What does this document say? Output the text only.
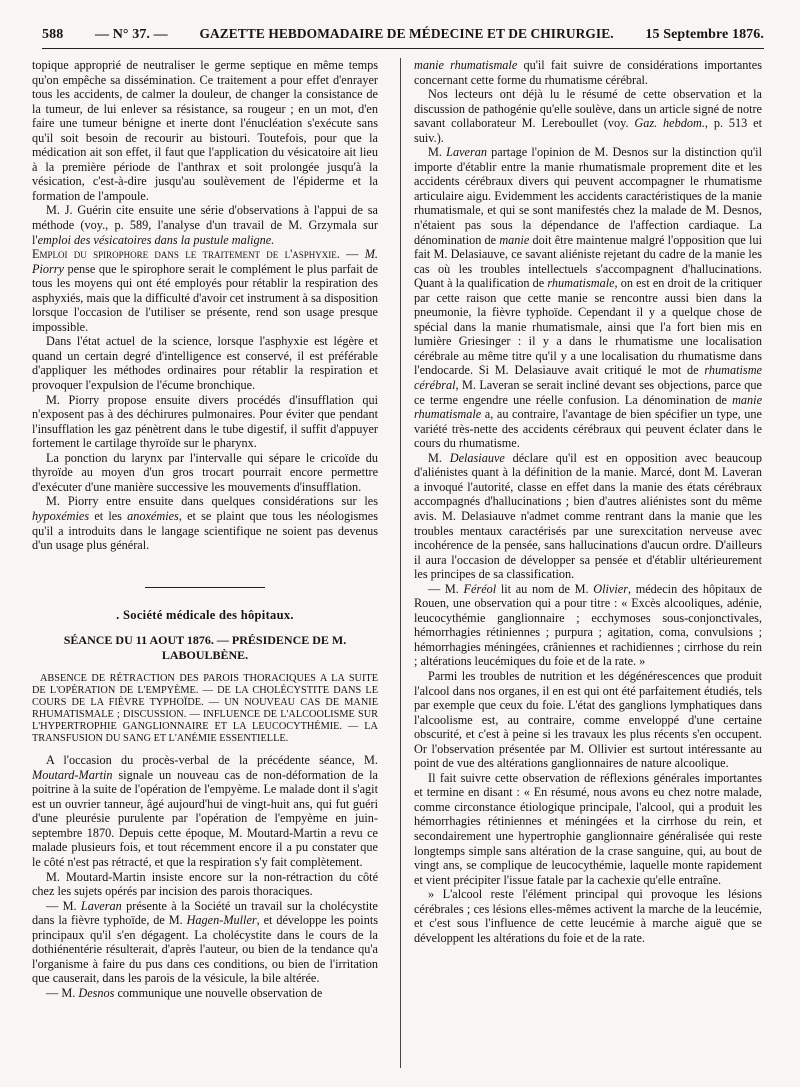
588 — N° 37. — GAZETTE HEBDOMADAIRE DE MÉDECINE ET DE CHIRURGIE. 15 Septembre 1876.

topique approprié de neutraliser le germe septique en même temps qu'on empêche sa dissémination. Ce traitement a pour effet d'enrayer tous les accidents, de calmer la douleur, de changer la consistance de la tumeur, de lui enlever sa résistance, sa rougeur ; en un mot, d'en faire une tumeur bénigne et inerte dont l'énucléation s'exécute sans qu'il soit besoin de recourir au bistouri. Toutefois, pour que la médication ait son effet, il faut que l'application du vésicatoire ait lieu à la première période de l'anthrax et soit prolongée jusqu'à la vésication, c'est-à-dire jusqu'au soulèvement de l'épiderme et la formation de l'ampoule.

M. J. Guérin cite ensuite une série d'observations à l'appui de sa méthode (voy., p. 589, l'analyse d'un travail de M. Grzymala sur l'emploi des vésicatoires dans la pustule maligne.

Emploi du spirophore dans le traitement de l'asphyxie. — M. Piorry pense que le spirophore serait le complément le plus parfait de tous les moyens qui ont été employés pour rétablir la respiration des asphyxiés, mais que la difficulté d'avoir cet instrument à sa disposition lorsque l'occasion de l'utiliser se présente, rend son usage presque impossible.

Dans l'état actuel de la science, lorsque l'asphyxie est légère et quand un certain degré d'intelligence est conservé, il est préférable d'appliquer les méthodes ordinaires pour rétablir la respiration et provoquer l'expulsion de l'écume bronchique.

M. Piorry propose ensuite divers procédés d'insufflation qui n'exposent pas à des déchirures pulmonaires. Pour éviter que pendant l'insufflation les gaz pénètrent dans le tube digestif, il suffit d'appuyer fortement le cartilage thyroïde sur le pharynx.

La ponction du larynx par l'intervalle qui sépare le cricoïde du thyroïde au moyen d'un gros trocart pourrait encore permettre d'exécuter d'une manière successive les mouvements d'insufflation.

M. Piorry entre ensuite dans quelques considérations sur les hypoxémies et les anoxémies, et se plaint que tous les néologismes qu'il a introduits dans le langage scientifique ne soient pas devenus d'un usage plus général.

. Société médicale des hôpitaux.
SÉANCE DU 11 AOUT 1876. — PRÉSIDENCE DE M. LABOULBÈNE.
ABSENCE DE RÉTRACTION DES PAROIS THORACIQUES A LA SUITE DE L'OPÉRATION DE L'EMPYÈME. — DE LA CHOLÉCYSTITE DANS LE COURS DE LA FIÈVRE TYPHOÏDE. — UN NOUVEAU CAS DE MANIE RHUMATISMALE ; DISCUSSION. — INFLUENCE DE L'ALCOOLISME SUR L'HYPERTROPHIE GANGLIONNAIRE ET LA LEUCOCYTHÉMIE. — LA TRANSFUSION DU SANG ET L'ANÉMIE ESSENTIELLE.

A l'occasion du procès-verbal de la précédente séance, M. Moutard-Martin signale un nouveau cas de non-déformation de la poitrine à la suite de l'opération de l'empyème. Le malade dont il s'agit est un ouvrier tanneur, âgé aujourd'hui de vingt-huit ans, qui fut guéri d'une pleurésie purulente par l'opération de l'empyème en juin-septembre 1870. Depuis cette époque, M. Moutard-Martin a revu ce malade plusieurs fois, et tout récemment encore il a pu constater que le côté n'est pas rétracté, et que la respiration s'y fait complètement.

M. Moutard-Martin insiste encore sur la non-rétraction du côté chez les sujets opérés par incision des parois thoraciques.

— M. Laveran présente à la Société un travail sur la cholécystite dans la fièvre typhoïde, de M. Hagen-Muller, et développe les points principaux qu'il s'en dégagent. La cholécystite dans le cours de la dothiénentérie résulterait, d'après l'auteur, ou bien de la tendance qu'a l'organisme à faire du pus dans ces conditions, ou bien de l'irritation que causerait, dans les parois de la vésicule, la bile altérée.

— M. Desnos communique une nouvelle observation de

manie rhumatismale qu'il fait suivre de considérations importantes concernant cette forme du rhumatisme cérébral.

Nos lecteurs ont déjà lu le résumé de cette observation et la discussion de pathogénie qu'elle soulève, dans un article signé de notre savant collaborateur M. Lereboullet (voy. Gaz. hebdom., p. 513 et suiv.).

M. Laveran partage l'opinion de M. Desnos sur la distinction qu'il importe d'établir entre la manie rhumatismale proprement dite et les accidents cérébraux divers qui peuvent accompagner le rhumatisme articulaire aigu. Evidemment les accidents caractéristiques de la manie rhumatismale, et qui se sont manifestés chez la malade de M. Desnos, n'étaient pas sous la dépendance de l'affection cardiaque. La dénomination de manie doit être maintenue malgré l'opposition que lui fait M. Delasiauve, ce savant aliéniste rejetant du cadre de la manie les cas où les troubles intellectuels s'accompagnent d'hallucinations. Quant à la qualification de rhumatismale, on est en droit de la critiquer par cette raison que cette manie se rencontre aussi bien dans la pneumonie, la fièvre typhoïde. Cependant il y a quelque chose de spécial dans la manie rhumatismale, ainsi que l'a fort bien mis en lumière Griesinger : il y a dans le rhumatisme une localisation cérébrale au même titre qu'il y a une localisation du rhumatisme dans l'endocarde. Si M. Delasiauve avait critiqué le mot de rhumatisme cérébral, M. Laveran se serait incliné devant ses objections, parce que ce terme engendre une réelle confusion. La dénomination de manie rhumatismale a, au contraire, l'avantage de bien spécifier un type, une variété très-nette des accidents cérébraux qui peuvent éclater dans le cours du rhumatisme.

M. Delasiauve déclare qu'il est en opposition avec beaucoup d'aliénistes quant à la définition de la manie. Marcé, dont M. Laveran a invoqué l'autorité, classe en effet dans la manie des états cérébraux accompagnés d'hallucinations ; bien d'autres aliénistes sont du même avis. M. Delasiauve n'admet comme rentrant dans la manie que les troubles mentaux caractérisés par une surexcitation nerveuse avec incohérence de la pensée, sans hallucinations d'aucun ordre. D'ailleurs il aura l'occasion de développer sa pensée et d'établir ultérieurement les principes de sa classification.

— M. Féréol lit au nom de M. Olivier, médecin des hôpitaux de Rouen, une observation qui a pour titre : « Excès alcooliques, adénie, leucocythémie ganglionnaire ; ecchymoses sous-conjonctivales, hémorrhagies rétiniennes ; purpura ; agitation, coma, convulsions ; hémorrhagies méningées, crâniennes et rachidiennes ; cirrhose du rein ; altérations leucémiques du foie et de la rate. »

Parmi les troubles de nutrition et les dégénérescences que produit l'alcool dans nos organes, il en est qui ont été parfaitement étudiés, tels par exemple que ceux du foie. L'état des ganglions lymphatiques dans l'alcoolisme est, au contraire, comme enveloppé d'une certaine obscurité, et c'est à peine si les travaux les plus récents s'en occupent. Or l'observation présentée par M. Ollivier est surtout intéressante au point de vue des altérations ganglionnaires de nature alcoolique.

Il fait suivre cette observation de réflexions générales importantes et termine en disant : « En résumé, nous avons eu chez notre malade, comme circonstance étiologique principale, l'alcool, qui a produit les hémorrhagies rétiniennes et méningées et la cirrhose du rein, et secondairement une hypertrophie ganglionnaire généralisée qui reste longtemps simple sans altération de la crase sanguine, qui, au bout de vingt ans, se complique de leucocythémie, laquelle monte rapidement et vient précipiter l'issue fatale par la cachexie qu'elle entraîne.

» L'alcool reste l'élément principal qui provoque les lésions cérébrales ; ces lésions elles-mêmes activent la marche de la leucémie, et c'est sous l'influence de cette leucémie à marche aiguë que se développent les altérations du foie et de la rate.
